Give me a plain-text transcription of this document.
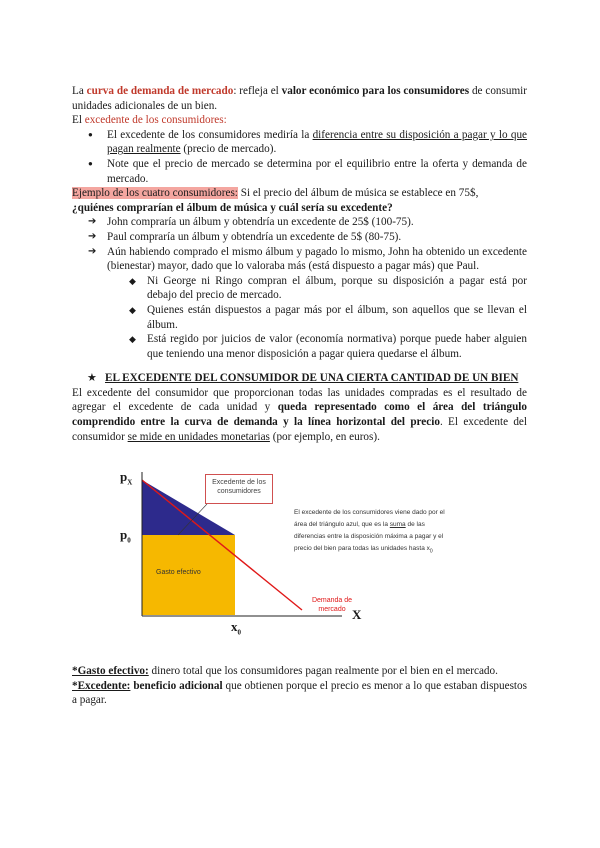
La curva de demanda de mercado: refleja el valor económico para los consumidores de consumir unidades adicionales de un bien.

El excedente de los consumidores:

● El excedente de los consumidores mediría la diferencia entre su disposición a pagar y lo que pagan realmente (precio de mercado).
● Note que el precio de mercado se determina por el equilibrio entre la oferta y demanda de mercado.

Ejemplo de los cuatro consumidores: Si el precio del álbum de música se establece en 75$,

¿quiénes comprarían el álbum de música y cuál sería su excedente?

➔ John compraría un álbum y obtendría un excedente de 25$ (100-75).
➔ Paul compraría un álbum y obtendría un excedente de 5$ (80-75).
➔ Aún habiendo comprado el mismo álbum y pagado lo mismo, John ha obtenido un excedente (bienestar) mayor, dado que lo valoraba más (está dispuesto a pagar más) que Paul.
◆ Ni George ni Ringo compran el álbum, porque su disposición a pagar está por debajo del precio de mercado.
◆ Quienes están dispuestos a pagar más por el álbum, son aquellos que se llevan el álbum.
◆ Está regido por juicios de valor (economía normativa) porque puede haber alguien que teniendo una menor disposición a pagar quiera quedarse el álbum.
★ EL EXCEDENTE DEL CONSUMIDOR DE UNA CIERTA CANTIDAD DE UN BIEN

El excedente del consumidor que proporcionan todas las unidades compradas es el resultado de agregar el excedente de cada unidad y queda representado como el área del triángulo comprendido entre la curva de demanda y la línea horizontal del precio. El excedente del consumidor se mide en unidades monetarias (por ejemplo, en euros).

$p_X$
$p_0$
$x_0$
X
Excedente de los consumidores
Gasto efectivo
Demanda de mercado
El excedente de los consumidores viene dado por el área del triángulo azul, que es la suma de las diferencias entre la disposición máxima a pagar y el precio del bien para todas las unidades hasta $x_0$

*Gasto efectivo: dinero total que los consumidores pagan realmente por el bien en el mercado.

*Excedente: beneficio adicional que obtienen porque el precio es menor a lo que estaban dispuestos a pagar.
